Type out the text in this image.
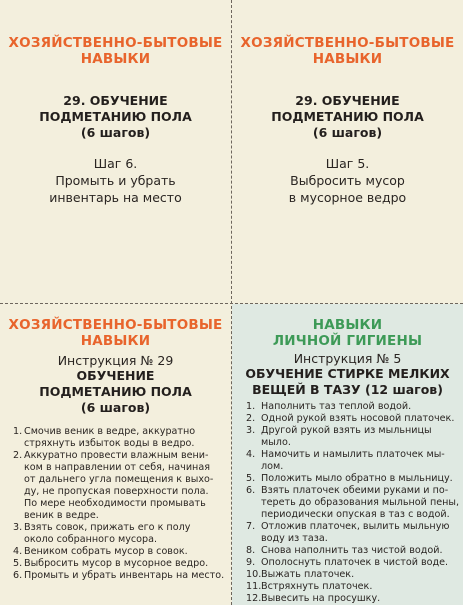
ХОЗЯЙСТВЕННО-БЫТОВЫЕ
НАВЫКИ
29. ОБУЧЕНИЕ
ПОДМЕТАНИЮ ПОЛА
(6 шагов)
Шаг 6.
Промыть и убрать
инвентарь на место
ХОЗЯЙСТВЕННО-БЫТОВЫЕ
НАВЫКИ
29. ОБУЧЕНИЕ
ПОДМЕТАНИЮ ПОЛА
(6 шагов)
Шаг 5.
Выбросить мусор
в мусорное ведро
ХОЗЯЙСТВЕННО-БЫТОВЫЕ
НАВЫКИ
Инструкция № 29
ОБУЧЕНИЕ
ПОДМЕТАНИЮ ПОЛА
(6 шагов)
1. Смочив веник в ведре, аккуратно
стряхнуть избыток воды в ведро.
2. Аккуратно провести влажным вени-
ком в направлении от себя, начиная
от дальнего угла помещения к выхо-
ду, не пропуская поверхности пола.
По мере необходимости промывать
веник в ведре.
3. Взять совок, прижать его к полу
около собранного мусора.
4. Веником собрать мусор в совок.
5. Выбросить мусор в мусорное ведро.
6. Промыть и убрать инвентарь на место.
НАВЫКИ
ЛИЧНОЙ ГИГИЕНЫ
Инструкция № 5
ОБУЧЕНИЕ СТИРКЕ МЕЛКИХ
ВЕЩЕЙ В ТАЗУ (12 шагов)
1. Наполнить таз теплой водой.
2. Одной рукой взять носовой платочек.
3. Другой рукой взять из мыльницы
мыло.
4. Намочить и намылить платочек мы-
лом.
5. Положить мыло обратно в мыльницу.
6. Взять платочек обеими руками и по-
тереть до образования мыльной пены,
периодически опуская в таз с водой.
7. Отложив платочек, вылить мыльную
воду из таза.
8. Снова наполнить таз чистой водой.
9. Ополоснуть платочек в чистой воде.
10. Выжать платочек.
11. Встряхнуть платочек.
12. Вывесить на просушку.
